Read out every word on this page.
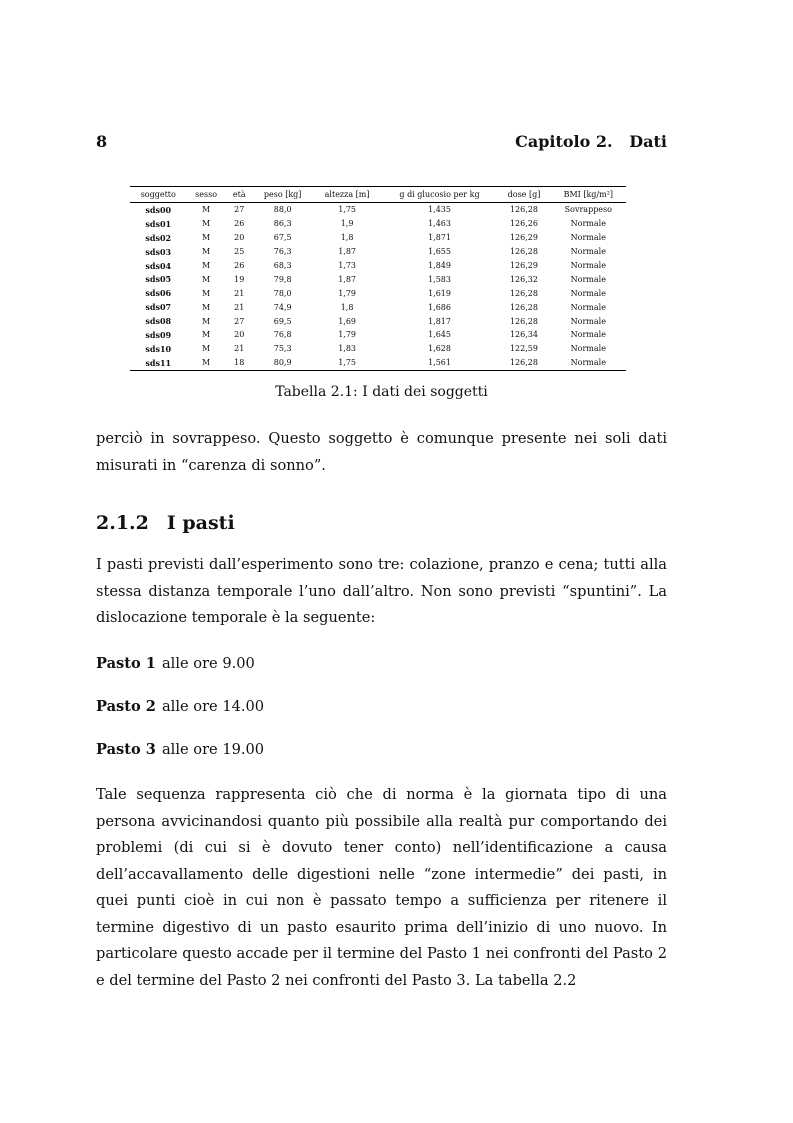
8	Capitolo 2.   Dati
soggetto	sesso	età	peso [kg]	altezza [m]	g di glucosio per kg	dose [g]	BMI [kg/m²]
sds00	M	27	88,0	1,75	1,435	126,28	Sovrappeso
sds01	M	26	86,3	1,9	1,463	126,26	Normale
sds02	M	20	67,5	1,8	1,871	126,29	Normale
sds03	M	25	76,3	1,87	1,655	126,28	Normale
sds04	M	26	68,3	1,73	1,849	126,29	Normale
sds05	M	19	79,8	1,87	1,583	126,32	Normale
sds06	M	21	78,0	1,79	1,619	126,28	Normale
sds07	M	21	74,9	1,8	1,686	126,28	Normale
sds08	M	27	69,5	1,69	1,817	126,28	Normale
sds09	M	20	76,8	1,79	1,645	126,34	Normale
sds10	M	21	75,3	1,83	1,628	122,59	Normale
sds11	M	18	80,9	1,75	1,561	126,28	Normale
Tabella 2.1: I dati dei soggetti

perciò in sovrappeso. Questo soggetto è comunque presente nei soli dati misurati in “carenza di sonno”.

2.1.2 I pasti

I pasti previsti dall’esperimento sono tre: colazione, pranzo e cena; tutti alla stessa distanza temporale l’uno dall’altro. Non sono previsti “spuntini”. La dislocazione temporale è la seguente:

Pasto 1 alle ore 9.00

Pasto 2 alle ore 14.00

Pasto 3 alle ore 19.00

Tale sequenza rappresenta ciò che di norma è la giornata tipo di una persona avvicinandosi quanto più possibile alla realtà pur comportando dei problemi (di cui si è dovuto tener conto) nell’identificazione a causa dell’accavallamento delle digestioni nelle “zone intermedie” dei pasti, in quei punti cioè in cui non è passato tempo a sufficienza per ritenere il termine digestivo di un pasto esaurito prima dell’inizio di uno nuovo. In particolare questo accade per il termine del Pasto 1 nei confronti del Pasto 2 e del termine del Pasto 2 nei confronti del Pasto 3. La tabella 2.2
